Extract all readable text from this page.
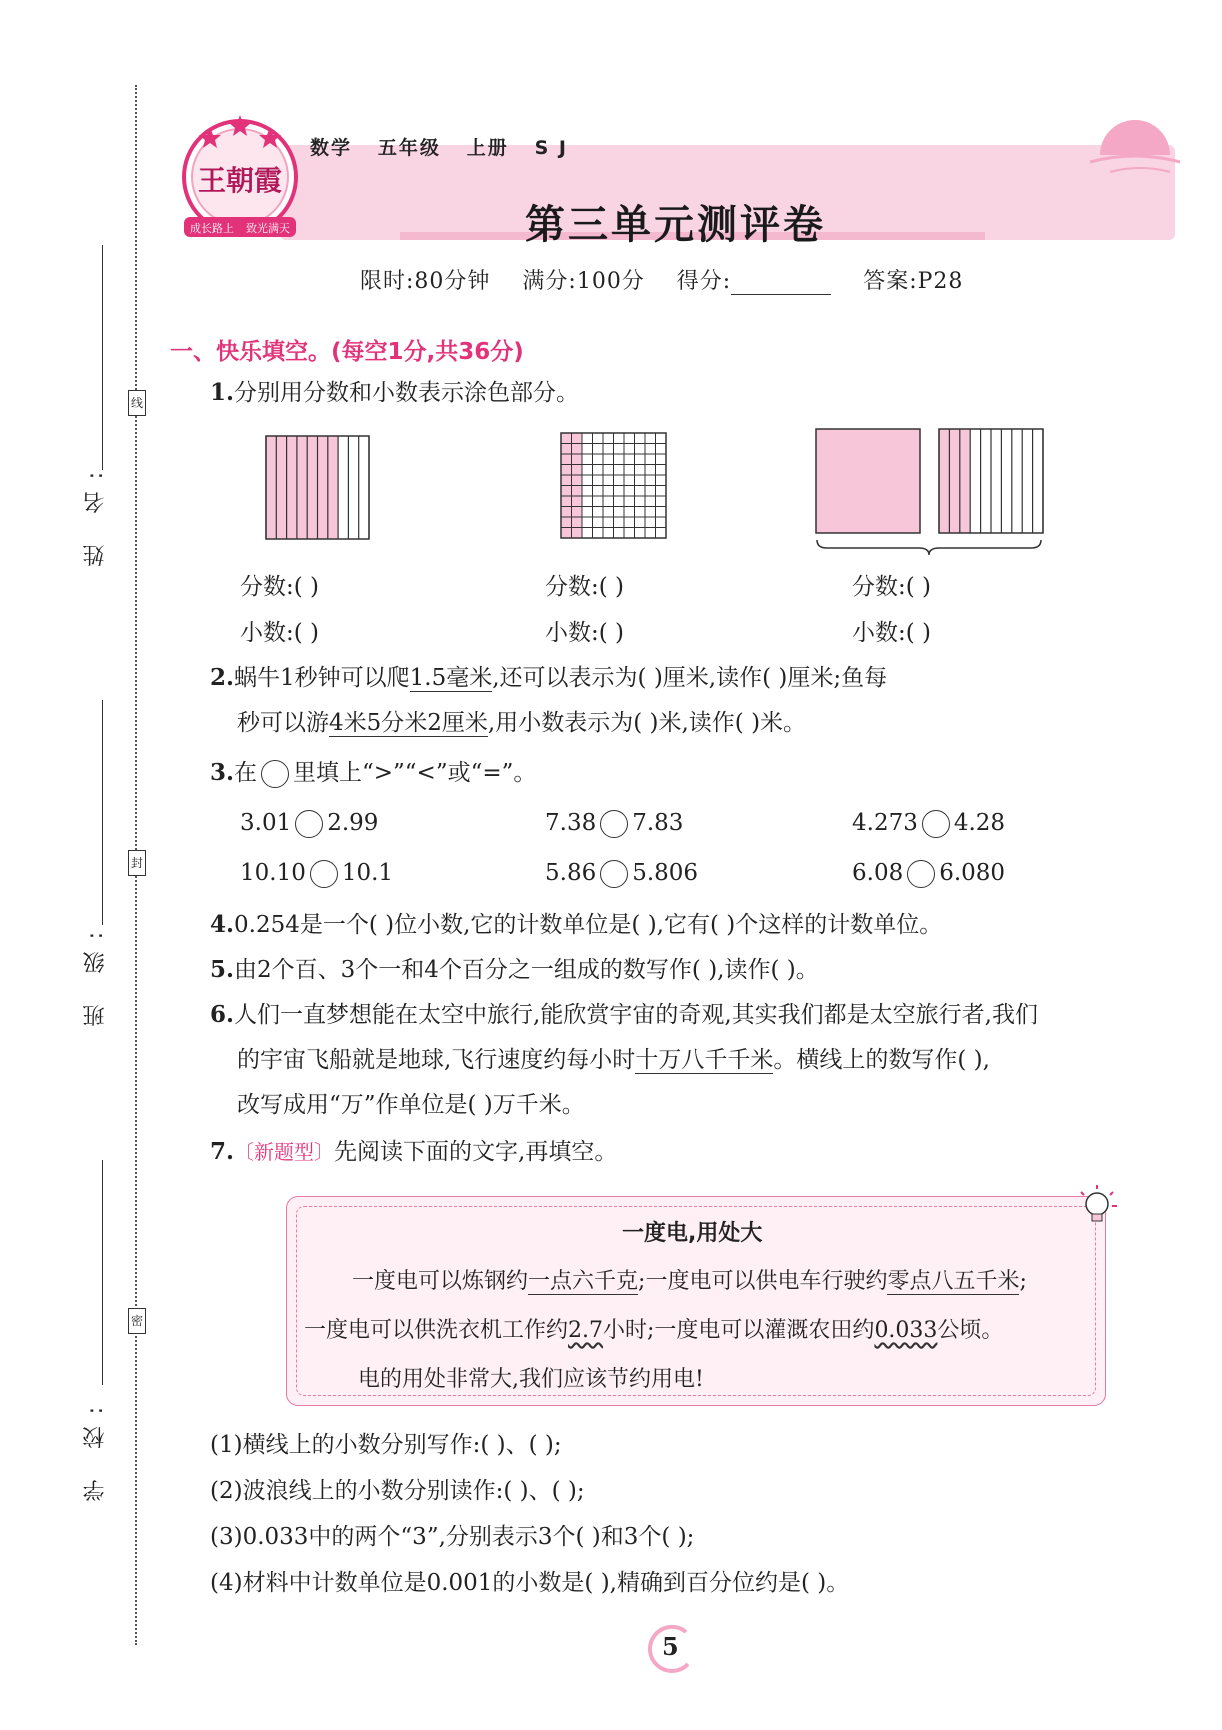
线
封
密
姓 名:
班 级:
学 校:
王朝霞
成长路上 致光满天
数学 五年级 上册 S J
第三单元测评卷
限时:80分钟 满分:100分 得分:	答案:P28
一、快乐填空。(每空1分,共36分)
1.分别用分数和小数表示涂色部分。
分数:( )	分数:( )	分数:( )
小数:( )	小数:( )	小数:( )
2.蜗牛1秒钟可以爬1.5毫米,还可以表示为( )厘米,读作( )厘米;鱼每
秒可以游4米5分米2厘米,用小数表示为( )米,读作( )米。
3.在 里填上“>”“<”或“=”。
3.01 2.99	7.38 7.83	4.273 4.28
10.10 10.1	5.86 5.806	6.08 6.080
4.0.254是一个( )位小数,它的计数单位是( ),它有( )个这样的计数单位。
5.由2个百、3个一和4个百分之一组成的数写作( ),读作( )。
6.人们一直梦想能在太空中旅行,能欣赏宇宙的奇观,其实我们都是太空旅行者,我们
的宇宙飞船就是地球,飞行速度约每小时十万八千千米。横线上的数写作( ),
改写成用“万”作单位是( )万千米。
7.〔新题型〕先阅读下面的文字,再填空。
一度电,用处大
一度电可以炼钢约一点六千克;一度电可以供电车行驶约零点八五千米;
一度电可以供洗衣机工作约2.7小时;一度电可以灌溉农田约0.033公顷。
电的用处非常大,我们应该节约用电!
(1)横线上的小数分别写作:( )、( );
(2)波浪线上的小数分别读作:( )、( );
(3)0.033中的两个“3”,分别表示3个( )和3个( );
(4)材料中计数单位是0.001的小数是( ),精确到百分位约是( )。
5
